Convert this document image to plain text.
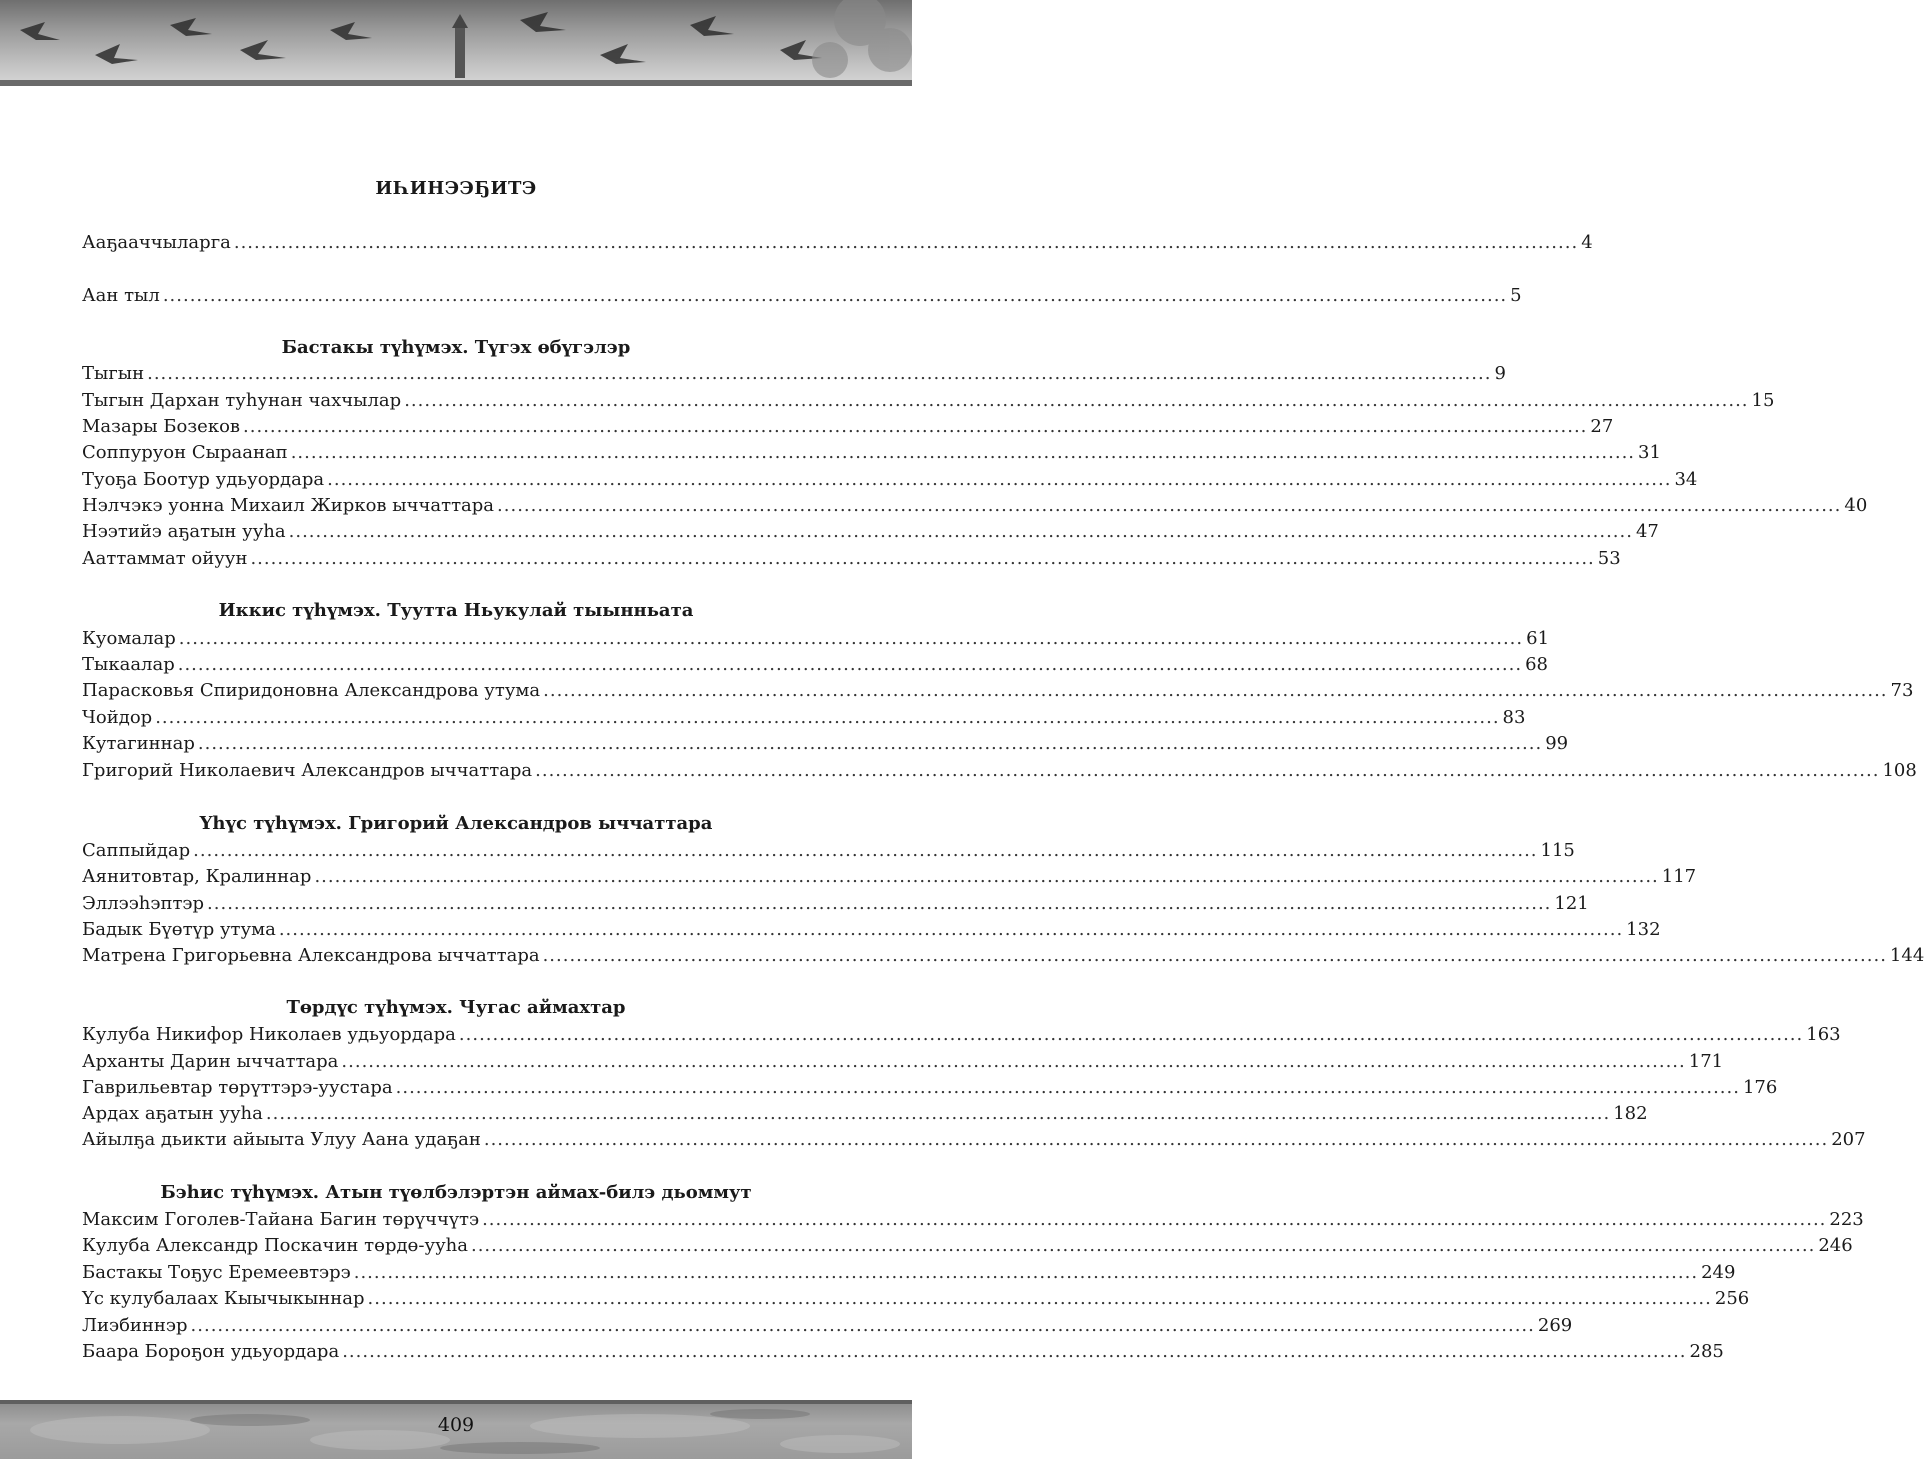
ИҺИНЭЭҔИТЭ
Ааҕааччыларга ........................................................................................................................................................................................................ 4
Аан тыл ........................................................................................................................................................................................................ 5
Бастакы түһүмэх. Түгэх өбүгэлэр
Тыгын ........................................................................................................................................................................................................ 9
Тыгын Дархан туһунан чахчылар ........................................................................................................................................................................................................ 15
Мазары Бозеков ........................................................................................................................................................................................................ 27
Соппуруон Сыраанап ........................................................................................................................................................................................................ 31
Туоҕа Боотур удьуордара ........................................................................................................................................................................................................ 34
Нэлчэкэ уонна Михаил Жирков ыччаттара ........................................................................................................................................................................................................ 40
Нээтийэ аҕатын ууһа ........................................................................................................................................................................................................ 47
Ааттаммат ойуун ........................................................................................................................................................................................................ 53
Иккис түһүмэх. Туутта Ньукулай тыынньата
Куомалар ........................................................................................................................................................................................................ 61
Тыкаалар ........................................................................................................................................................................................................ 68
Парасковья Спиридоновна Александрова утума ........................................................................................................................................................................................................ 73
Чойдор ........................................................................................................................................................................................................ 83
Кутагиннар ........................................................................................................................................................................................................ 99
Григорий Николаевич Александров ыччаттара ........................................................................................................................................................................................................ 108
Үһүс түһүмэх. Григорий Александров ыччаттара
Саппыйдар ........................................................................................................................................................................................................ 115
Аянитовтар, Кралиннар ........................................................................................................................................................................................................ 117
Эллээһэптэр ........................................................................................................................................................................................................ 121
Бадык Бүөтүр утума ........................................................................................................................................................................................................ 132
Матрена Григорьевна Александрова ыччаттара ........................................................................................................................................................................................................ 144
Төрдүс түһүмэх. Чугас аймахтар
Кулуба Никифор Николаев удьуордара ........................................................................................................................................................................................................ 163
Арханты Дарин ыччаттара ........................................................................................................................................................................................................ 171
Гаврильевтар төрүттэрэ-уустара ........................................................................................................................................................................................................ 176
Ардах аҕатын ууһа ........................................................................................................................................................................................................ 182
Айылҕа дьикти айыыта Улуу Аана удаҕан ........................................................................................................................................................................................................ 207
Бэһис түһүмэх. Атын түөлбэлэртэн аймах-билэ дьоммут
Максим Гоголев-Тайана Багин төрүччүтэ ........................................................................................................................................................................................................ 223
Кулуба Александр Поскачин төрдө-ууһа ........................................................................................................................................................................................................ 246
Бастакы Тоҕус Еремеевтэрэ ........................................................................................................................................................................................................ 249
Үс кулубалаах Кыычыкыннар ........................................................................................................................................................................................................ 256
Лиэбиннэр ........................................................................................................................................................................................................ 269
Баара Бороҕон удьуордара ........................................................................................................................................................................................................ 285
409
